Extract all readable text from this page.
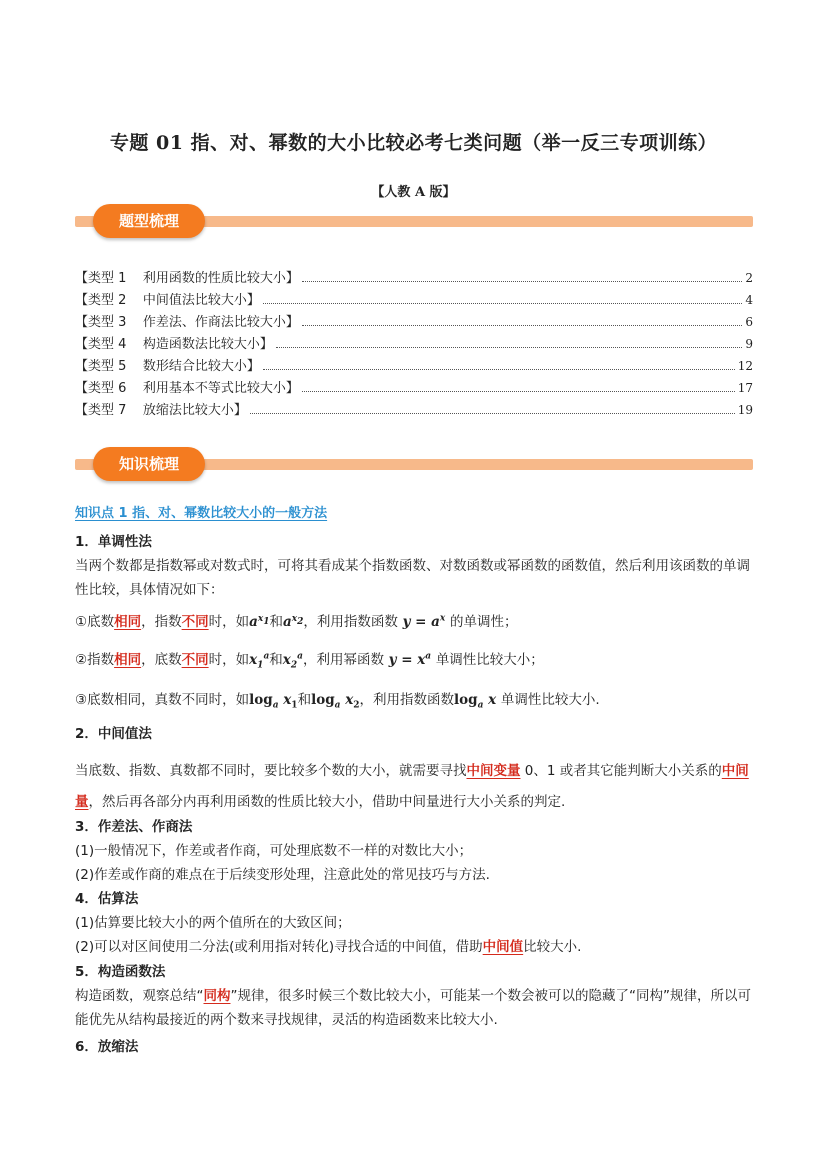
专题 01 指、对、幂数的大小比较必考七类问题（举一反三专项训练）
【人教 A 版】
题型梳理
【类型 1    利用函数的性质比较大小】	2
【类型 2    中间值法比较大小】	4
【类型 3    作差法、作商法比较大小】	6
【类型 4    构造函数法比较大小】	9
【类型 5    数形结合比较大小】	12
【类型 6    利用基本不等式比较大小】	17
【类型 7    放缩法比较大小】	19
知识梳理
知识点 1 指、对、幂数比较大小的一般方法
1．单调性法
当两个数都是指数幂或对数式时，可将其看成某个指数函数、对数函数或幂函数的函数值，然后利用该函数的单调性比较，具体情况如下：
①底数相同，指数不同时，如$a^{x_1}$和$a^{x_2}$，利用指数函数 $y = a^x$ 的单调性；
②指数相同，底数不同时，如$x_1^a$和$x_2^a$，利用幂函数 $y = x^a$ 单调性比较大小；
③底数相同，真数不同时，如$\log_a x_1$和$\log_a x_2$，利用指数函数$\log_a x$ 单调性比较大小.
2．中间值法
当底数、指数、真数都不同时，要比较多个数的大小，就需要寻找中间变量 0、1 或者其它能判断大小关系的中间量，然后再各部分内再利用函数的性质比较大小，借助中间量进行大小关系的判定.
3．作差法、作商法
(1)一般情况下，作差或者作商，可处理底数不一样的对数比大小；
(2)作差或作商的难点在于后续变形处理，注意此处的常见技巧与方法.
4．估算法
(1)估算要比较大小的两个值所在的大致区间；
(2)可以对区间使用二分法(或利用指对转化)寻找合适的中间值，借助中间值比较大小.
5．构造函数法
构造函数，观察总结“同构”规律，很多时候三个数比较大小，可能某一个数会被可以的隐藏了“同构”规律，所以可能优先从结构最接近的两个数来寻找规律，灵活的构造函数来比较大小.
6．放缩法
